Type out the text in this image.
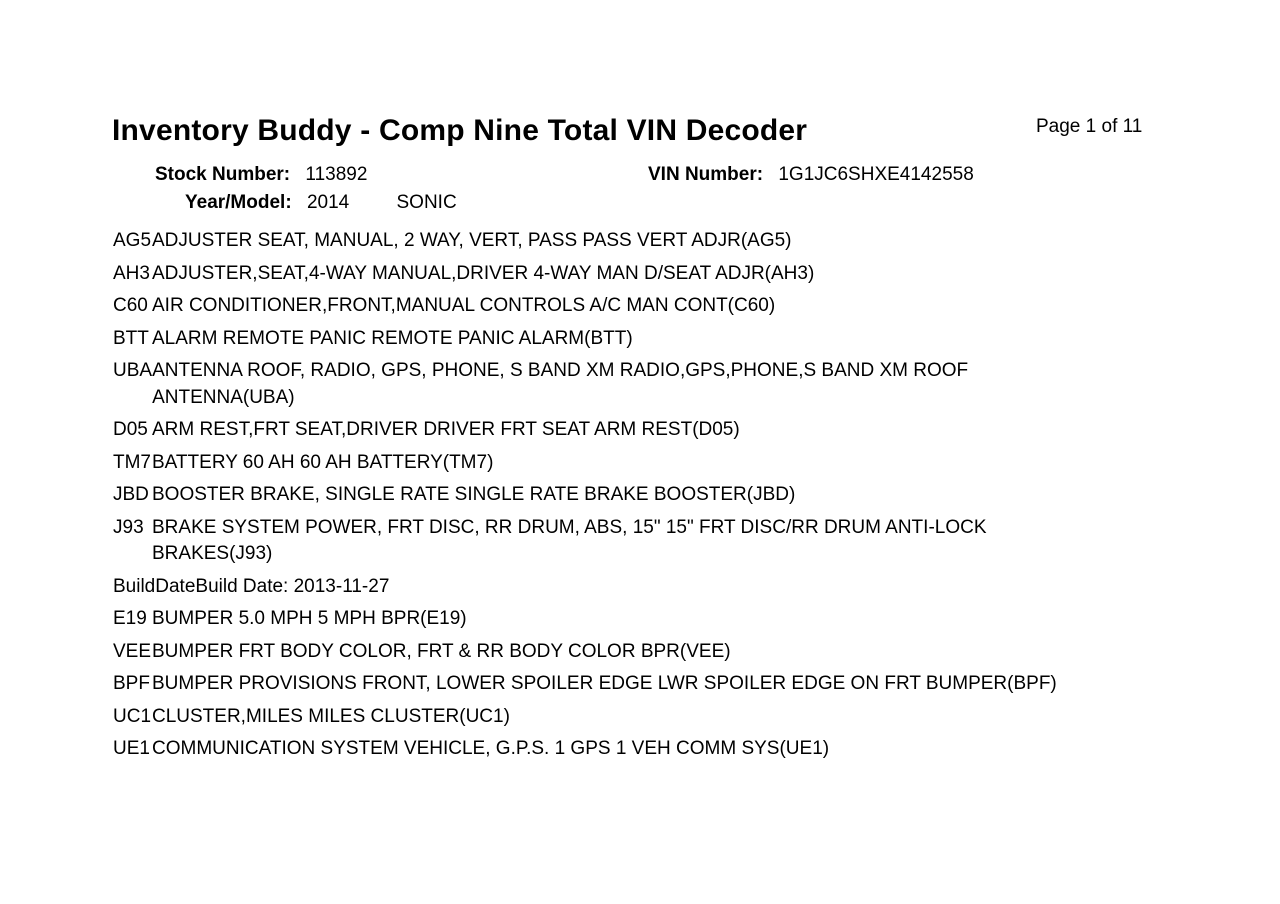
Inventory Buddy - Comp Nine Total VIN Decoder	Page 1 of 11
Stock Number: 113892	VIN Number: 1G1JC6SHXE4142558
Year/Model: 2014 SONIC
AG5 ADJUSTER SEAT, MANUAL, 2 WAY, VERT, PASS PASS VERT ADJR(AG5)
AH3 ADJUSTER,SEAT,4-WAY MANUAL,DRIVER 4-WAY MAN D/SEAT ADJR(AH3)
C60 AIR CONDITIONER,FRONT,MANUAL CONTROLS A/C MAN CONT(C60)
BTT ALARM REMOTE PANIC REMOTE PANIC ALARM(BTT)
UBA ANTENNA ROOF, RADIO, GPS, PHONE, S BAND XM RADIO,GPS,PHONE,S BAND XM ROOF ANTENNA(UBA)
D05 ARM REST,FRT SEAT,DRIVER DRIVER FRT SEAT ARM REST(D05)
TM7 BATTERY 60 AH 60 AH BATTERY(TM7)
JBD BOOSTER BRAKE, SINGLE RATE SINGLE RATE BRAKE BOOSTER(JBD)
J93 BRAKE SYSTEM POWER, FRT DISC, RR DRUM, ABS, 15" 15" FRT DISC/RR DRUM ANTI-LOCK BRAKES(J93)
BuildDate Build Date: 2013-11-27
E19 BUMPER 5.0 MPH 5 MPH BPR(E19)
VEE BUMPER FRT BODY COLOR, FRT & RR BODY COLOR BPR(VEE)
BPF BUMPER PROVISIONS FRONT, LOWER SPOILER EDGE LWR SPOILER EDGE ON FRT BUMPER(BPF)
UC1 CLUSTER,MILES MILES CLUSTER(UC1)
UE1 COMMUNICATION SYSTEM VEHICLE, G.P.S. 1 GPS 1 VEH COMM SYS(UE1)
